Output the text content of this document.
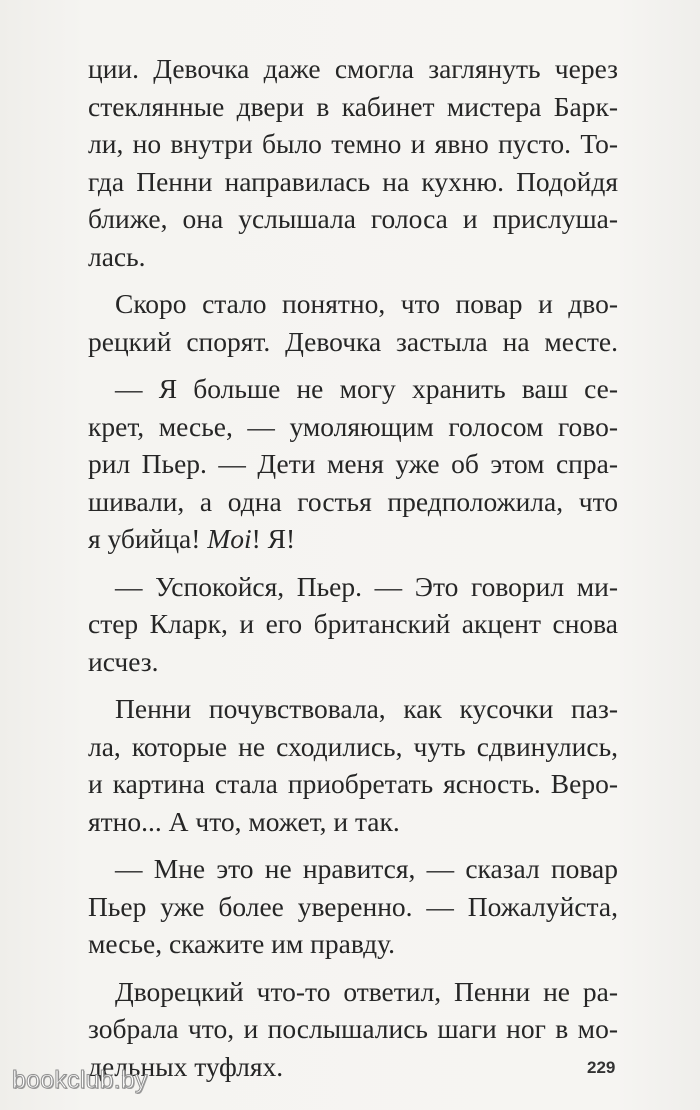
ции. Девочка даже смогла заглянуть через
стеклянные двери в кабинет мистера Барк-
ли, но внутри было темно и явно пусто. То-
гда Пенни направилась на кухню. Подойдя
ближе, она услышала голоса и прислуша-
лась.
Скоро стало понятно, что повар и дво-
рецкий спорят. Девочка застыла на месте.
— Я больше не могу хранить ваш се-
крет, месье, — умоляющим голосом гово-
рил Пьер. — Дети меня уже об этом спра-
шивали, а одна гостья предположила, что
я убийца! Moi! Я!
— Успокойся, Пьер. — Это говорил ми-
стер Кларк, и его британский акцент снова
исчез.
Пенни почувствовала, как кусочки паз-
ла, которые не сходились, чуть сдвинулись,
и картина стала приобретать ясность. Веро-
ятно... А что, может, и так.
— Мне это не нравится, — сказал повар
Пьер уже более уверенно. — Пожалуйста,
месье, скажите им правду.
Дворецкий что-то ответил, Пенни не ра-
зобрала что, и послышались шаги ног в мо-
дельных туфлях.	229
bookclub.by
